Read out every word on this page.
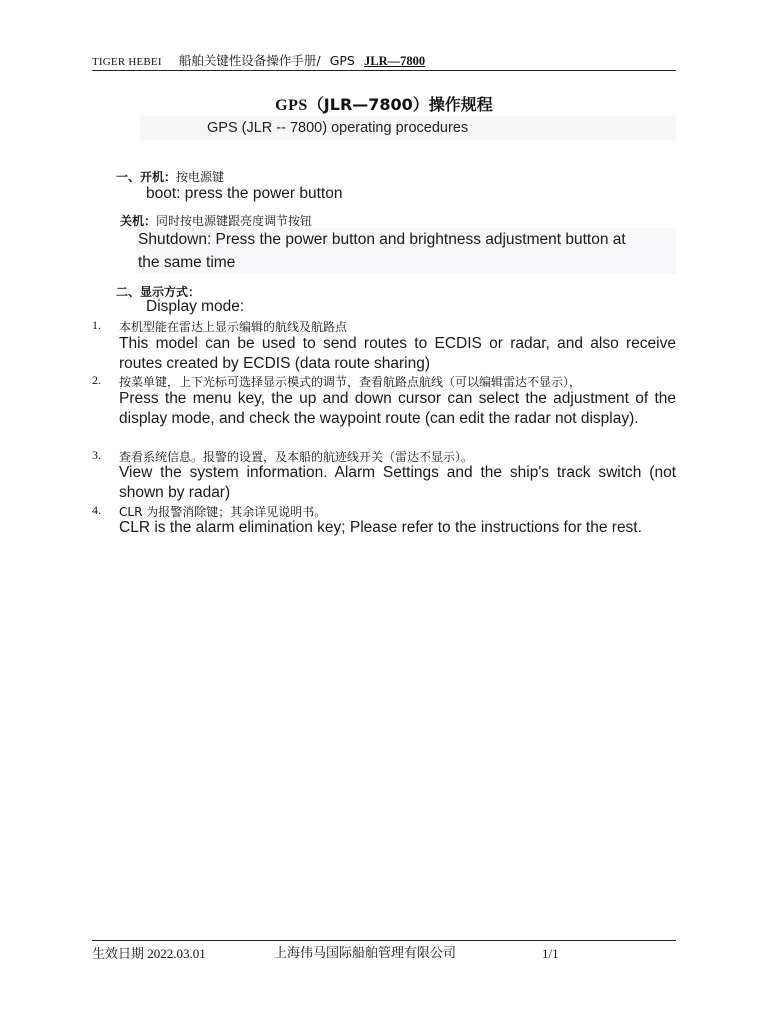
TIGER HEBEI 船舶关键性设备操作手册/ GPS JLR—7800
GPS（JLR—7800）操作规程
GPS (JLR -- 7800) operating procedures
一、开机：按电源键
boot: press the power button
关机：同时按电源键跟亮度调节按钮
Shutdown: Press the power button and brightness adjustment button at
the same time
二、显示方式：
Display mode:
1. 本机型能在雷达上显示编辑的航线及航路点
This model can be used to send routes to ECDIS or radar, and also receive routes created by ECDIS (data route sharing)
2. 按菜单键，上下光标可选择显示模式的调节，查看航路点航线（可以编辑雷达不显示），
Press the menu key, the up and down cursor can select the adjustment of the display mode, and check the waypoint route (can edit the radar not display).
3. 查看系统信息。报警的设置，及本船的航迹线开关（雷达不显示）。
View the system information. Alarm Settings and the ship's track switch (not shown by radar)
4. CLR 为报警消除键；其余详见说明书。
CLR is the alarm elimination key; Please refer to the instructions for the rest.
生效日期 2022.03.01	上海伟马国际船舶管理有限公司	1/1
